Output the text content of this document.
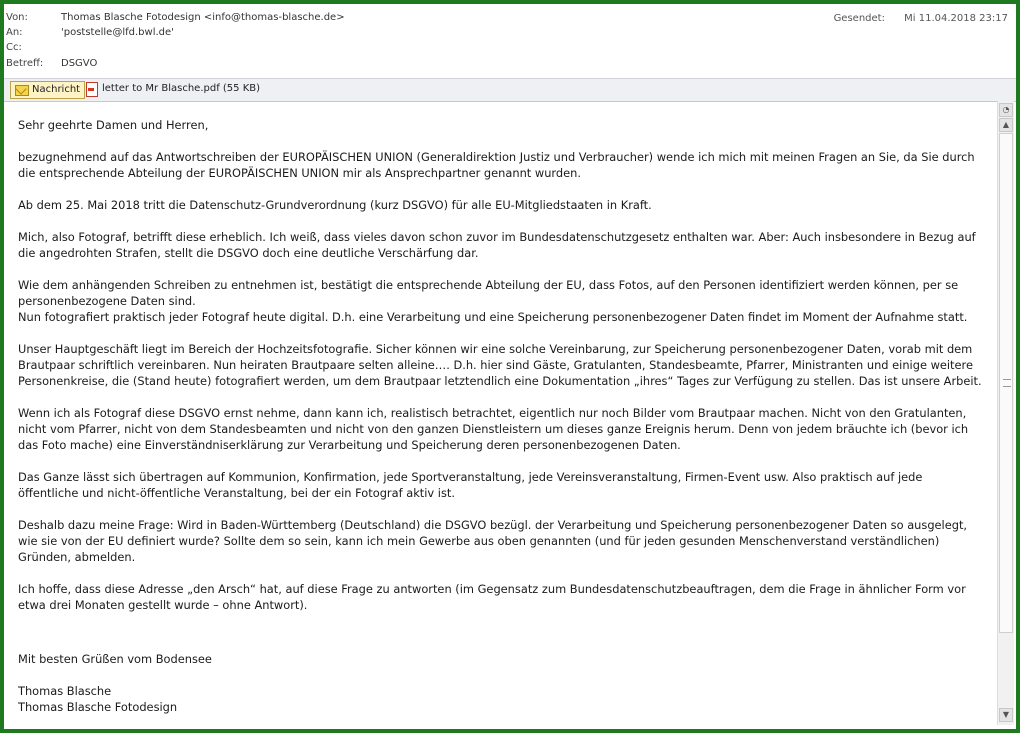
Von:	Thomas Blasche Fotodesign <info@thomas-blasche.de>
An:	'poststelle@lfd.bwl.de'
Cc:
Betreff:	DSGVO
Gesendet: Mi 11.04.2018 23:17
Nachricht letter to Mr Blasche.pdf (55 KB)

Sehr geehrte Damen und Herren,

bezugnehmend auf das Antwortschreiben der EUROPÄISCHEN UNION (Generaldirektion Justiz und Verbraucher) wende ich mich mit meinen Fragen an Sie, da Sie durch die entsprechende Abteilung der EUROPÄISCHEN UNION mir als Ansprechpartner genannt wurden.

Ab dem 25. Mai 2018 tritt die Datenschutz-Grundverordnung (kurz DSGVO) für alle EU-Mitgliedstaaten in Kraft.

Mich, also Fotograf, betrifft diese erheblich. Ich weiß, dass vieles davon schon zuvor im Bundesdatenschutzgesetz enthalten war. Aber: Auch insbesondere in Bezug auf die angedrohten Strafen, stellt die DSGVO doch eine deutliche Verschärfung dar.

Wie dem anhängenden Schreiben zu entnehmen ist, bestätigt die entsprechende Abteilung der EU, dass Fotos, auf den Personen identifiziert werden können, per se personenbezogene Daten sind.

Nun fotografiert praktisch jeder Fotograf heute digital. D.h. eine Verarbeitung und eine Speicherung personenbezogener Daten findet im Moment der Aufnahme statt.

Unser Hauptgeschäft liegt im Bereich der Hochzeitsfotografie. Sicher können wir eine solche Vereinbarung, zur Speicherung personenbezogener Daten, vorab mit dem Brautpaar schriftlich vereinbaren. Nun heiraten Brautpaare selten alleine…. D.h. hier sind Gäste, Gratulanten, Standesbeamte, Pfarrer, Ministranten und einige weitere Personenkreise, die (Stand heute) fotografiert werden, um dem Brautpaar letztendlich eine Dokumentation „ihres“ Tages zur Verfügung zu stellen. Das ist unsere Arbeit.

Wenn ich als Fotograf diese DSGVO ernst nehme, dann kann ich, realistisch betrachtet, eigentlich nur noch Bilder vom Brautpaar machen. Nicht von den Gratulanten, nicht vom Pfarrer, nicht von dem Standesbeamten und nicht von den ganzen Dienstleistern um dieses ganze Ereignis herum. Denn von jedem bräuchte ich (bevor ich das Foto mache) eine Einverständniserklärung zur Verarbeitung und Speicherung deren personenbezogenen Daten.

Das Ganze lässt sich übertragen auf Kommunion, Konfirmation, jede Sportveranstaltung, jede Vereinsveranstaltung, Firmen-Event usw. Also praktisch auf jede öffentliche und nicht-öffentliche Veranstaltung, bei der ein Fotograf aktiv ist.

Deshalb dazu meine Frage: Wird in Baden-Württemberg (Deutschland) die DSGVO bezügl. der Verarbeitung und Speicherung personenbezogener Daten so ausgelegt, wie sie von der EU definiert wurde? Sollte dem so sein, kann ich mein Gewerbe aus oben genannten (und für jeden gesunden Menschenverstand verständlichen) Gründen, abmelden.

Ich hoffe, dass diese Adresse „den Arsch“ hat, auf diese Frage zu antworten (im Gegensatz zum Bundesdatenschutzbeauftragen, dem die Frage in ähnlicher Form vor etwa drei Monaten gestellt wurde – ohne Antwort).

Mit besten Grüßen vom Bodensee

Thomas Blasche

Thomas Blasche Fotodesign

◔
▲
▼
